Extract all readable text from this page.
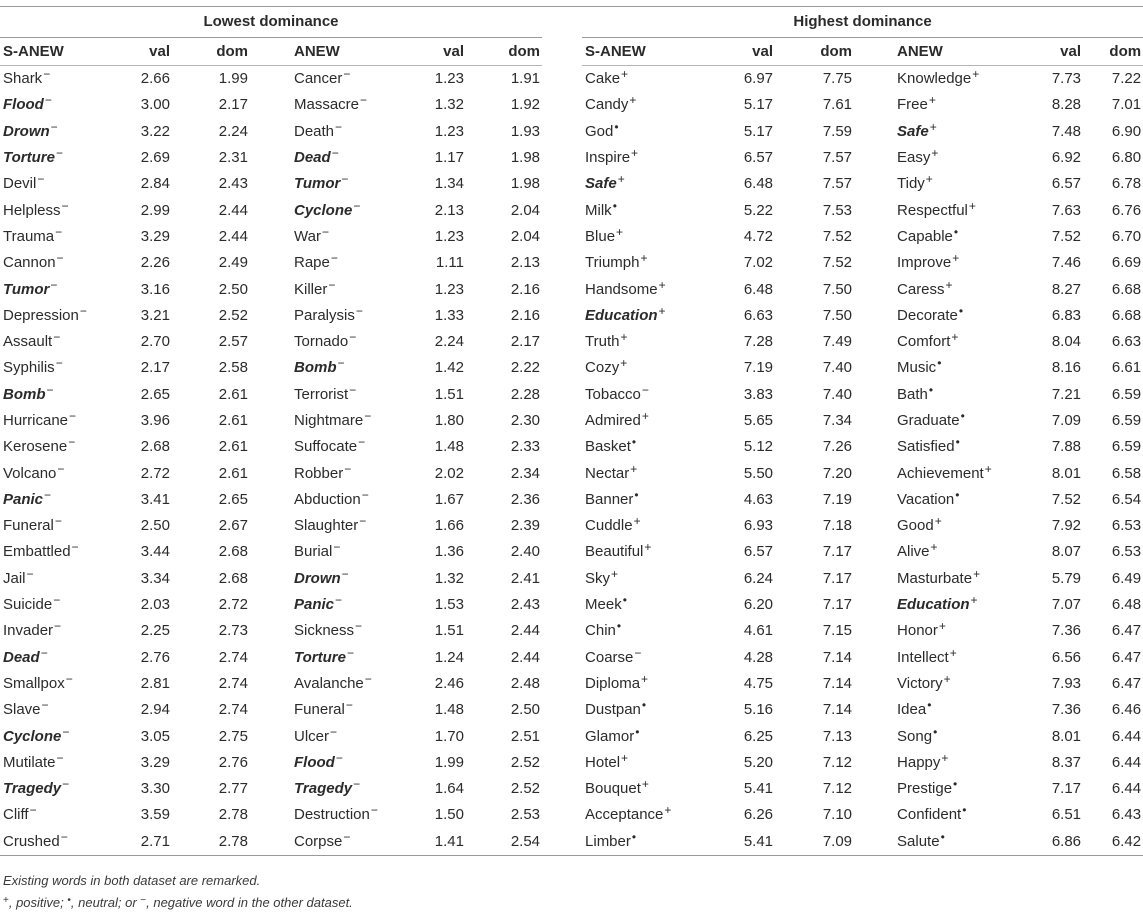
Lowest dominance								Highest dominance						
S-ANEW	val	dom		ANEW	val	dom		S-ANEW	val	dom		ANEW	val	dom
Shark−	2.66	1.99		Cancer−	1.23	1.91		Cake+	6.97	7.75		Knowledge+	7.73	7.22
Flood−	3.00	2.17		Massacre−	1.32	1.92		Candy+	5.17	7.61		Free+	8.28	7.01
Drown−	3.22	2.24		Death−	1.23	1.93		God•	5.17	7.59		Safe+	7.48	6.90
Torture−	2.69	2.31		Dead−	1.17	1.98		Inspire+	6.57	7.57		Easy+	6.92	6.80
Devil−	2.84	2.43		Tumor−	1.34	1.98		Safe+	6.48	7.57		Tidy+	6.57	6.78
Helpless−	2.99	2.44		Cyclone−	2.13	2.04		Milk•	5.22	7.53		Respectful+	7.63	6.76
Trauma−	3.29	2.44		War−	1.23	2.04		Blue+	4.72	7.52		Capable•	7.52	6.70
Cannon−	2.26	2.49		Rape−	1.11	2.13		Triumph+	7.02	7.52		Improve+	7.46	6.69
Tumor−	3.16	2.50		Killer−	1.23	2.16		Handsome+	6.48	7.50		Caress+	8.27	6.68
Depression−	3.21	2.52		Paralysis−	1.33	2.16		Education+	6.63	7.50		Decorate•	6.83	6.68
Assault−	2.70	2.57		Tornado−	2.24	2.17		Truth+	7.28	7.49		Comfort+	8.04	6.63
Syphilis−	2.17	2.58		Bomb−	1.42	2.22		Cozy+	7.19	7.40		Music•	8.16	6.61
Bomb−	2.65	2.61		Terrorist−	1.51	2.28		Tobacco−	3.83	7.40		Bath•	7.21	6.59
Hurricane−	3.96	2.61		Nightmare−	1.80	2.30		Admired+	5.65	7.34		Graduate•	7.09	6.59
Kerosene−	2.68	2.61		Suffocate−	1.48	2.33		Basket•	5.12	7.26		Satisfied•	7.88	6.59
Volcano−	2.72	2.61		Robber−	2.02	2.34		Nectar+	5.50	7.20		Achievement+	8.01	6.58
Panic−	3.41	2.65		Abduction−	1.67	2.36		Banner•	4.63	7.19		Vacation•	7.52	6.54
Funeral−	2.50	2.67		Slaughter−	1.66	2.39		Cuddle+	6.93	7.18		Good+	7.92	6.53
Embattled−	3.44	2.68		Burial−	1.36	2.40		Beautiful+	6.57	7.17		Alive+	8.07	6.53
Jail−	3.34	2.68		Drown−	1.32	2.41		Sky+	6.24	7.17		Masturbate+	5.79	6.49
Suicide−	2.03	2.72		Panic−	1.53	2.43		Meek•	6.20	7.17		Education+	7.07	6.48
Invader−	2.25	2.73		Sickness−	1.51	2.44		Chin•	4.61	7.15		Honor+	7.36	6.47
Dead−	2.76	2.74		Torture−	1.24	2.44		Coarse−	4.28	7.14		Intellect+	6.56	6.47
Smallpox−	2.81	2.74		Avalanche−	2.46	2.48		Diploma+	4.75	7.14		Victory+	7.93	6.47
Slave−	2.94	2.74		Funeral−	1.48	2.50		Dustpan•	5.16	7.14		Idea•	7.36	6.46
Cyclone−	3.05	2.75		Ulcer−	1.70	2.51		Glamor•	6.25	7.13		Song•	8.01	6.44
Mutilate−	3.29	2.76		Flood−	1.99	2.52		Hotel+	5.20	7.12		Happy+	8.37	6.44
Tragedy−	3.30	2.77		Tragedy−	1.64	2.52		Bouquet+	5.41	7.12		Prestige•	7.17	6.44
Cliff−	3.59	2.78		Destruction−	1.50	2.53		Acceptance+	6.26	7.10		Confident•	6.51	6.43
Crushed−	2.71	2.78		Corpse−	1.41	2.54		Limber•	5.41	7.09		Salute•	6.86	6.42
Existing words in both dataset are remarked.
+, positive; •, neutral; or −, negative word in the other dataset.
